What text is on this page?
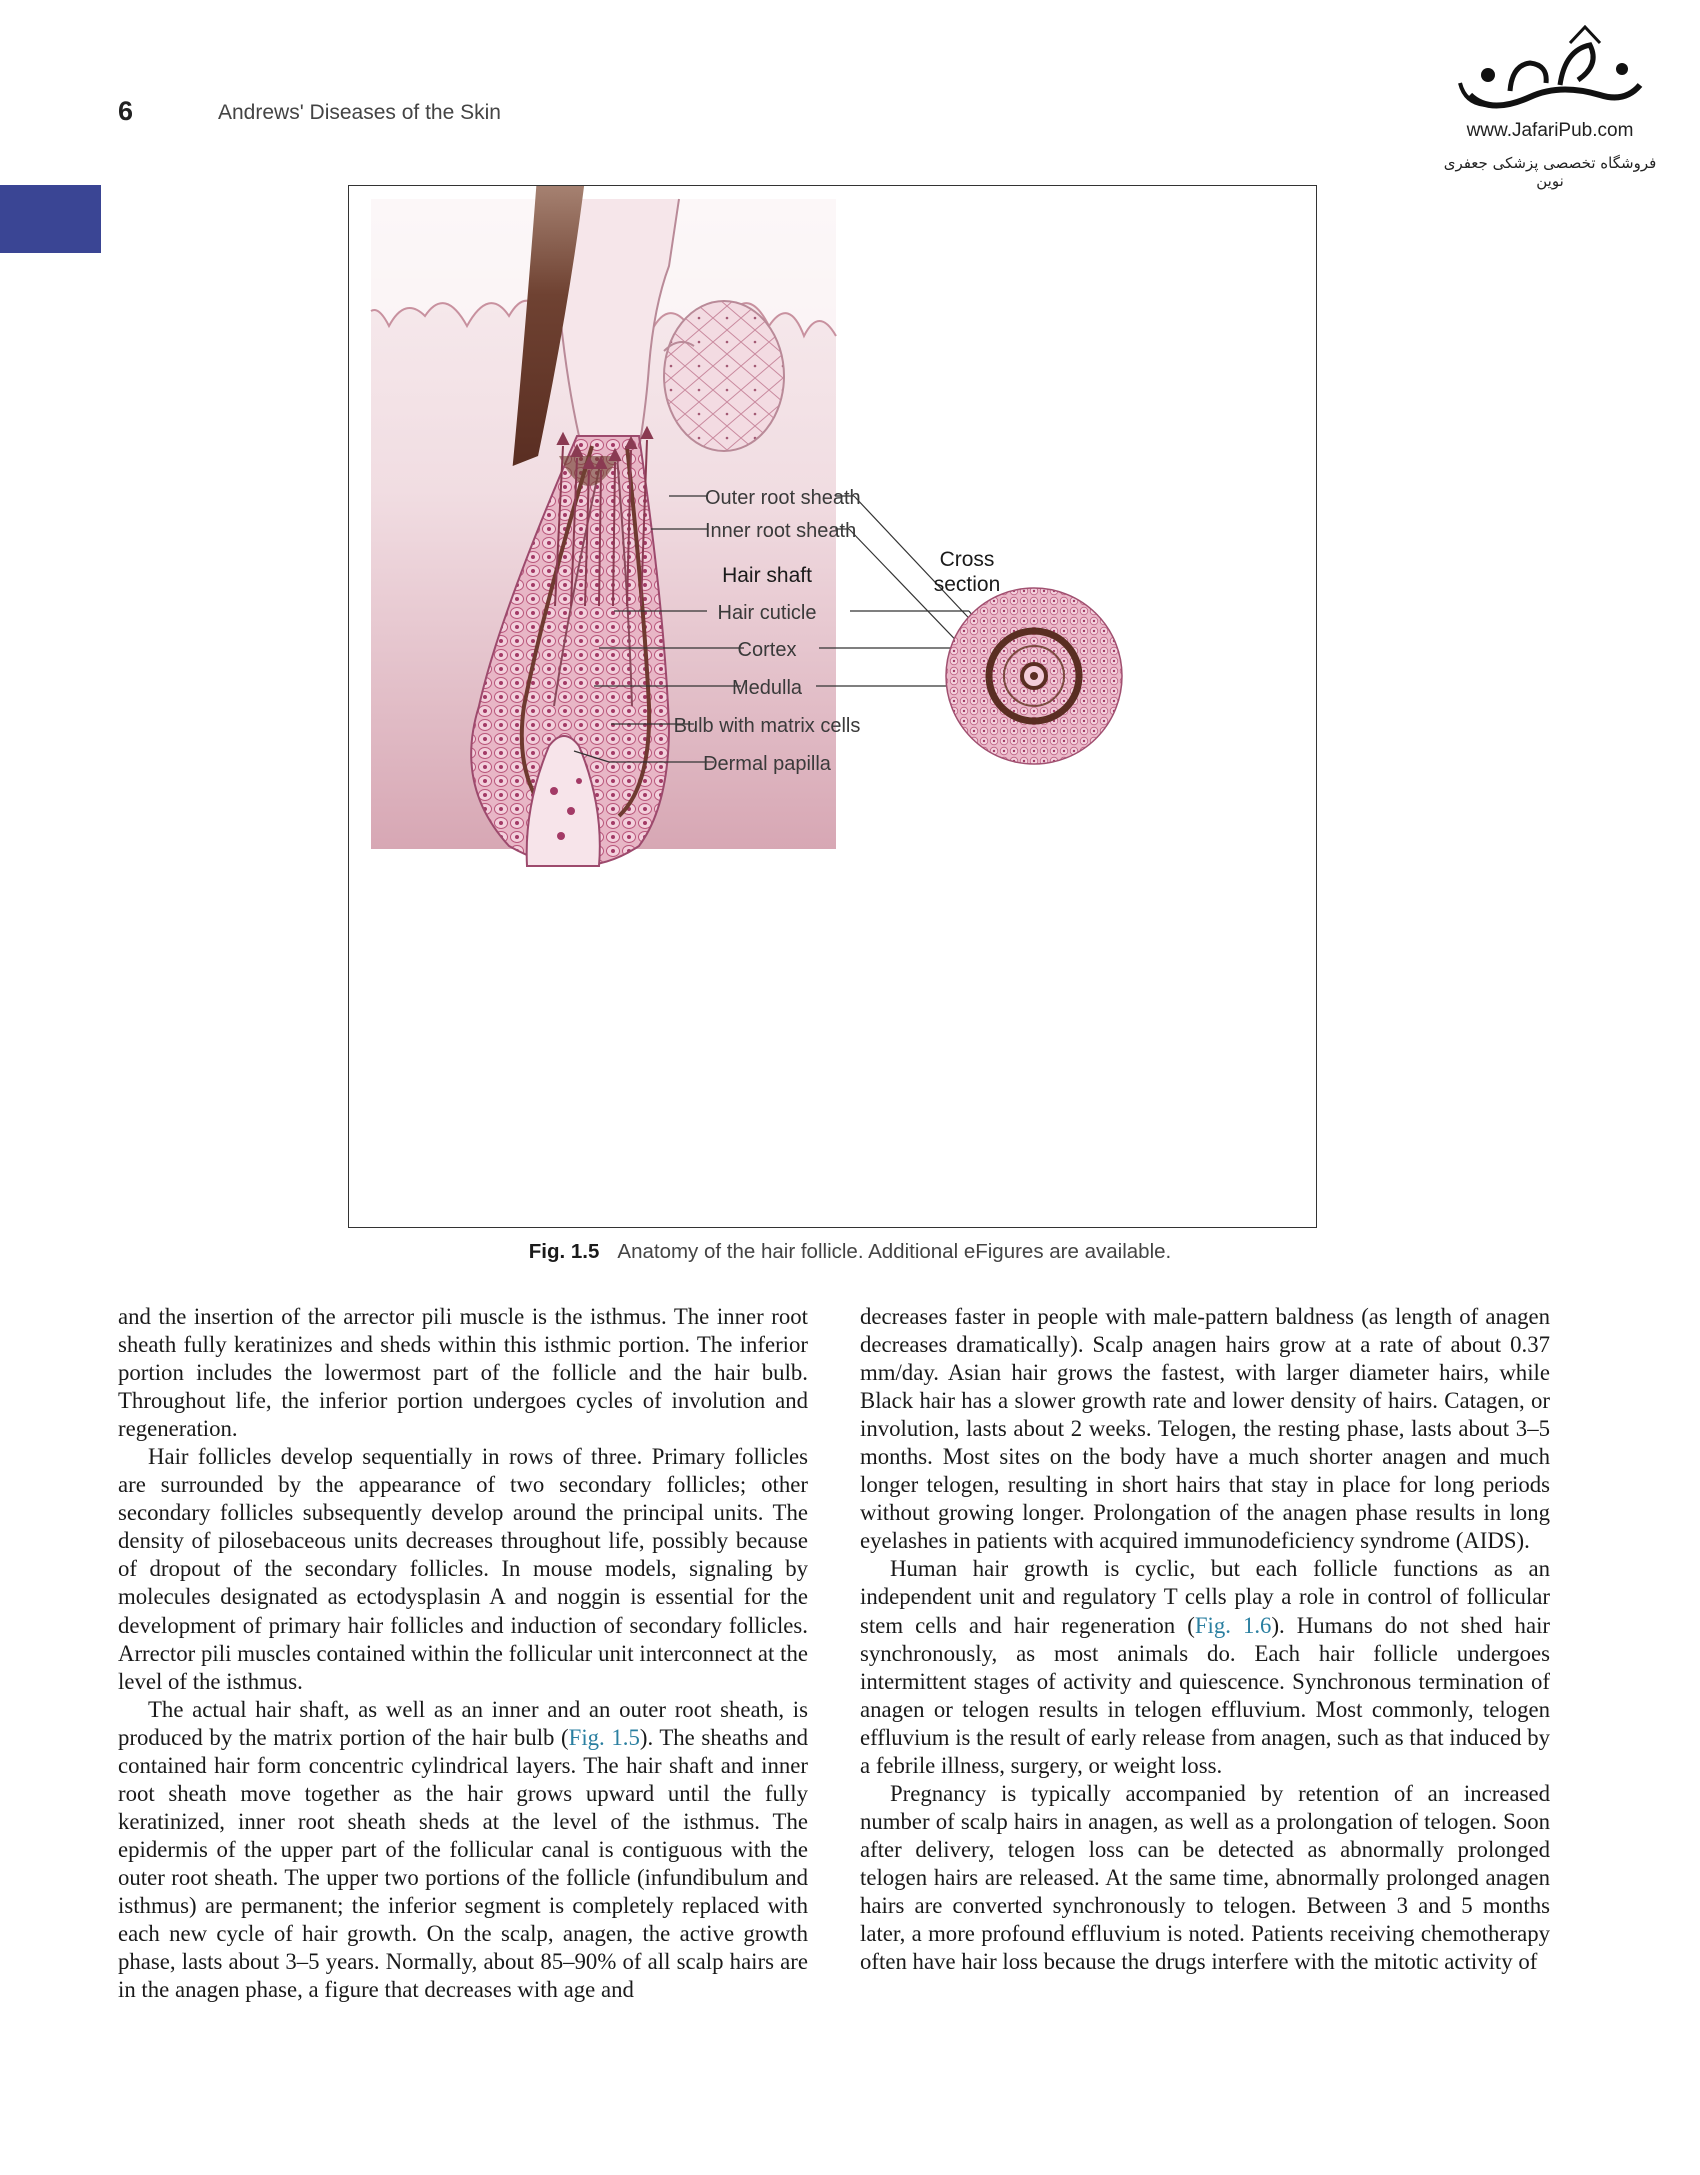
6	Andrews' Diseases of the Skin
www.JafariPub.com
فروشگاه تخصصی پزشکی جعفری نوین
Outer root sheath
Inner root sheath
Hair shaft
Hair cuticle
Cortex
Medulla
Bulb with matrix cells
Dermal papilla
Cross
section
Fig. 1.5 Anatomy of the hair follicle. Additional eFigures are available.

and the insertion of the arrector pili muscle is the isthmus. The inner root sheath fully keratinizes and sheds within this isthmic portion. The inferior portion includes the lowermost part of the follicle and the hair bulb. Throughout life, the inferior portion undergoes cycles of involution and regeneration.

Hair follicles develop sequentially in rows of three. Primary follicles are surrounded by the appearance of two secondary follicles; other secondary follicles subsequently develop around the principal units. The density of pilosebaceous units decreases throughout life, possibly because of dropout of the secondary follicles. In mouse models, signaling by molecules designated as ectodysplasin A and noggin is essential for the development of primary hair follicles and induction of secondary follicles. Arrector pili muscles contained within the follicular unit interconnect at the level of the isthmus.

The actual hair shaft, as well as an inner and an outer root sheath, is produced by the matrix portion of the hair bulb (Fig. 1.5). The sheaths and contained hair form concentric cylindrical layers. The hair shaft and inner root sheath move together as the hair grows upward until the fully keratinized, inner root sheath sheds at the level of the isthmus. The epidermis of the upper part of the follicular canal is contiguous with the outer root sheath. The upper two portions of the follicle (infundibulum and isthmus) are permanent; the inferior segment is completely replaced with each new cycle of hair growth. On the scalp, anagen, the active growth phase, lasts about 3–5 years. Normally, about 85–90% of all scalp hairs are in the anagen phase, a figure that decreases with age and

decreases faster in people with male-pattern baldness (as length of anagen decreases dramatically). Scalp anagen hairs grow at a rate of about 0.37 mm/day. Asian hair grows the fastest, with larger diameter hairs, while Black hair has a slower growth rate and lower density of hairs. Catagen, or involution, lasts about 2 weeks. Telogen, the resting phase, lasts about 3–5 months. Most sites on the body have a much shorter anagen and much longer telogen, resulting in short hairs that stay in place for long periods without growing longer. Prolongation of the anagen phase results in long eyelashes in patients with acquired immunodeficiency syndrome (AIDS).

Human hair growth is cyclic, but each follicle functions as an independent unit and regulatory T cells play a role in control of follicular stem cells and hair regeneration (Fig. 1.6). Humans do not shed hair synchronously, as most animals do. Each hair follicle undergoes intermittent stages of activity and quiescence. Synchronous termination of anagen or telogen results in telogen effluvium. Most commonly, telogen effluvium is the result of early release from anagen, such as that induced by a febrile illness, surgery, or weight loss.

Pregnancy is typically accompanied by retention of an increased number of scalp hairs in anagen, as well as a prolongation of telogen. Soon after delivery, telogen loss can be detected as abnormally prolonged telogen hairs are released. At the same time, abnormally prolonged anagen hairs are converted synchronously to telogen. Between 3 and 5 months later, a more profound effluvium is noted. Patients receiving chemotherapy often have hair loss because the drugs interfere with the mitotic activity of
